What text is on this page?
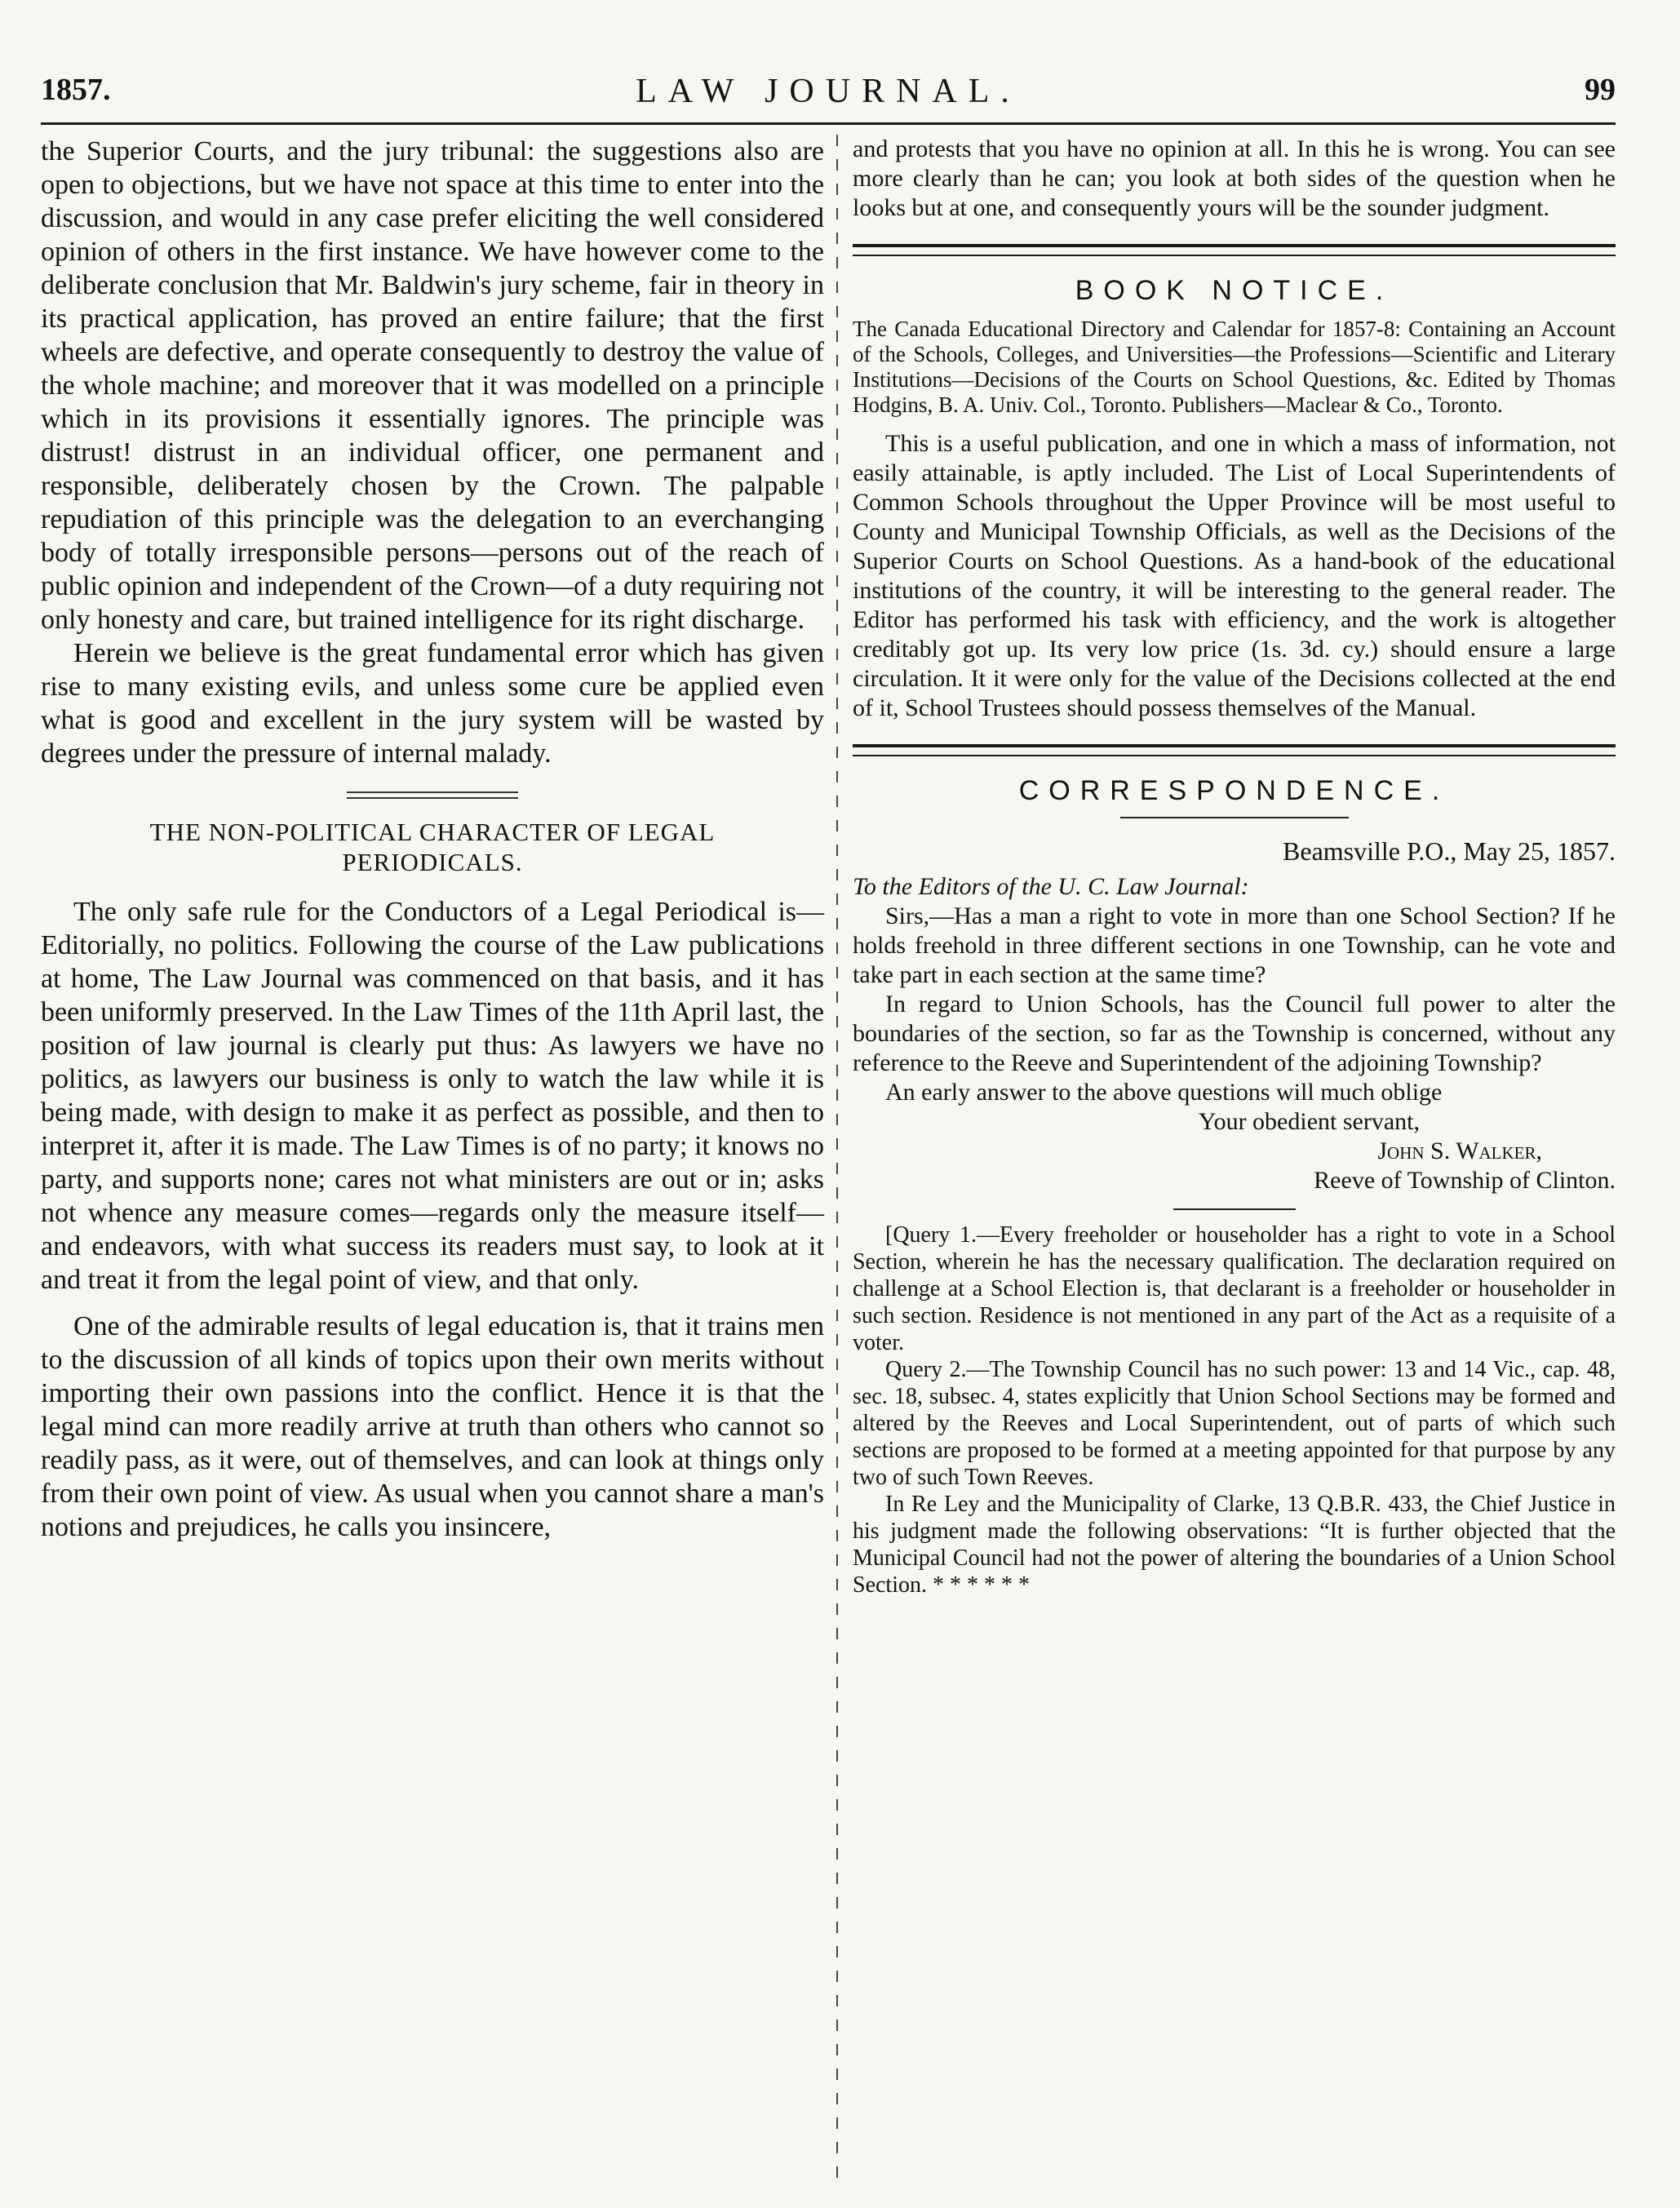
1857.	LAW JOURNAL.	99

the Superior Courts, and the jury tribunal: the suggestions also are open to objections, but we have not space at this time to enter into the discussion, and would in any case prefer eliciting the well considered opinion of others in the first instance. We have however come to the deliberate conclusion that Mr. Baldwin's jury scheme, fair in theory in its practical application, has proved an entire failure; that the first wheels are defective, and operate consequently to destroy the value of the whole machine; and moreover that it was modelled on a principle which in its provisions it essentially ignores. The principle was distrust! distrust in an individual officer, one permanent and responsible, deliberately chosen by the Crown. The palpable repudiation of this principle was the delegation to an everchanging body of totally irresponsible persons—persons out of the reach of public opinion and independent of the Crown—of a duty requiring not only honesty and care, but trained intelligence for its right discharge.

Herein we believe is the great fundamental error which has given rise to many existing evils, and unless some cure be applied even what is good and excellent in the jury system will be wasted by degrees under the pressure of internal malady.

THE NON-POLITICAL CHARACTER OF LEGAL PERIODICALS.

The only safe rule for the Conductors of a Legal Periodical is—Editorially, no politics. Following the course of the Law publications at home, The Law Journal was commenced on that basis, and it has been uniformly preserved. In the Law Times of the 11th April last, the position of law journal is clearly put thus: As lawyers we have no politics, as lawyers our business is only to watch the law while it is being made, with design to make it as perfect as possible, and then to interpret it, after it is made. The Law Times is of no party; it knows no party, and supports none; cares not what ministers are out or in; asks not whence any measure comes—regards only the measure itself—and endeavors, with what success its readers must say, to look at it and treat it from the legal point of view, and that only.

One of the admirable results of legal education is, that it trains men to the discussion of all kinds of topics upon their own merits without importing their own passions into the conflict. Hence it is that the legal mind can more readily arrive at truth than others who cannot so readily pass, as it were, out of themselves, and can look at things only from their own point of view. As usual when you cannot share a man's notions and prejudices, he calls you insincere,

and protests that you have no opinion at all. In this he is wrong. You can see more clearly than he can; you look at both sides of the question when he looks but at one, and consequently yours will be the sounder judgment.

BOOK NOTICE.

The Canada Educational Directory and Calendar for 1857-8: Containing an Account of the Schools, Colleges, and Universities—the Professions—Scientific and Literary Institutions—Decisions of the Courts on School Questions, &c. Edited by Thomas Hodgins, B. A. Univ. Col., Toronto. Publishers—Maclear & Co., Toronto.

This is a useful publication, and one in which a mass of information, not easily attainable, is aptly included. The List of Local Superintendents of Common Schools throughout the Upper Province will be most useful to County and Municipal Township Officials, as well as the Decisions of the Superior Courts on School Questions. As a hand-book of the educational institutions of the country, it will be interesting to the general reader. The Editor has performed his task with efficiency, and the work is altogether creditably got up. Its very low price (1s. 3d. cy.) should ensure a large circulation. It it were only for the value of the Decisions collected at the end of it, School Trustees should possess themselves of the Manual.

CORRESPONDENCE.

Beamsville P.O., May 25, 1857.

To the Editors of the U. C. Law Journal:

Sirs,—Has a man a right to vote in more than one School Section? If he holds freehold in three different sections in one Township, can he vote and take part in each section at the same time?

In regard to Union Schools, has the Council full power to alter the boundaries of the section, so far as the Township is concerned, without any reference to the Reeve and Superintendent of the adjoining Township?

An early answer to the above questions will much oblige

Your obedient servant,

John S. Walker,

Reeve of Township of Clinton.

[Query 1.—Every freeholder or householder has a right to vote in a School Section, wherein he has the necessary qualification. The declaration required on challenge at a School Election is, that declarant is a freeholder or householder in such section. Residence is not mentioned in any part of the Act as a requisite of a voter.

Query 2.—The Township Council has no such power: 13 and 14 Vic., cap. 48, sec. 18, subsec. 4, states explicitly that Union School Sections may be formed and altered by the Reeves and Local Superintendent, out of parts of which such sections are proposed to be formed at a meeting appointed for that purpose by any two of such Town Reeves.

In Re Ley and the Municipality of Clarke, 13 Q.B.R. 433, the Chief Justice in his judgment made the following observations: “It is further objected that the Municipal Council had not the power of altering the boundaries of a Union School Section. * * * * * *
